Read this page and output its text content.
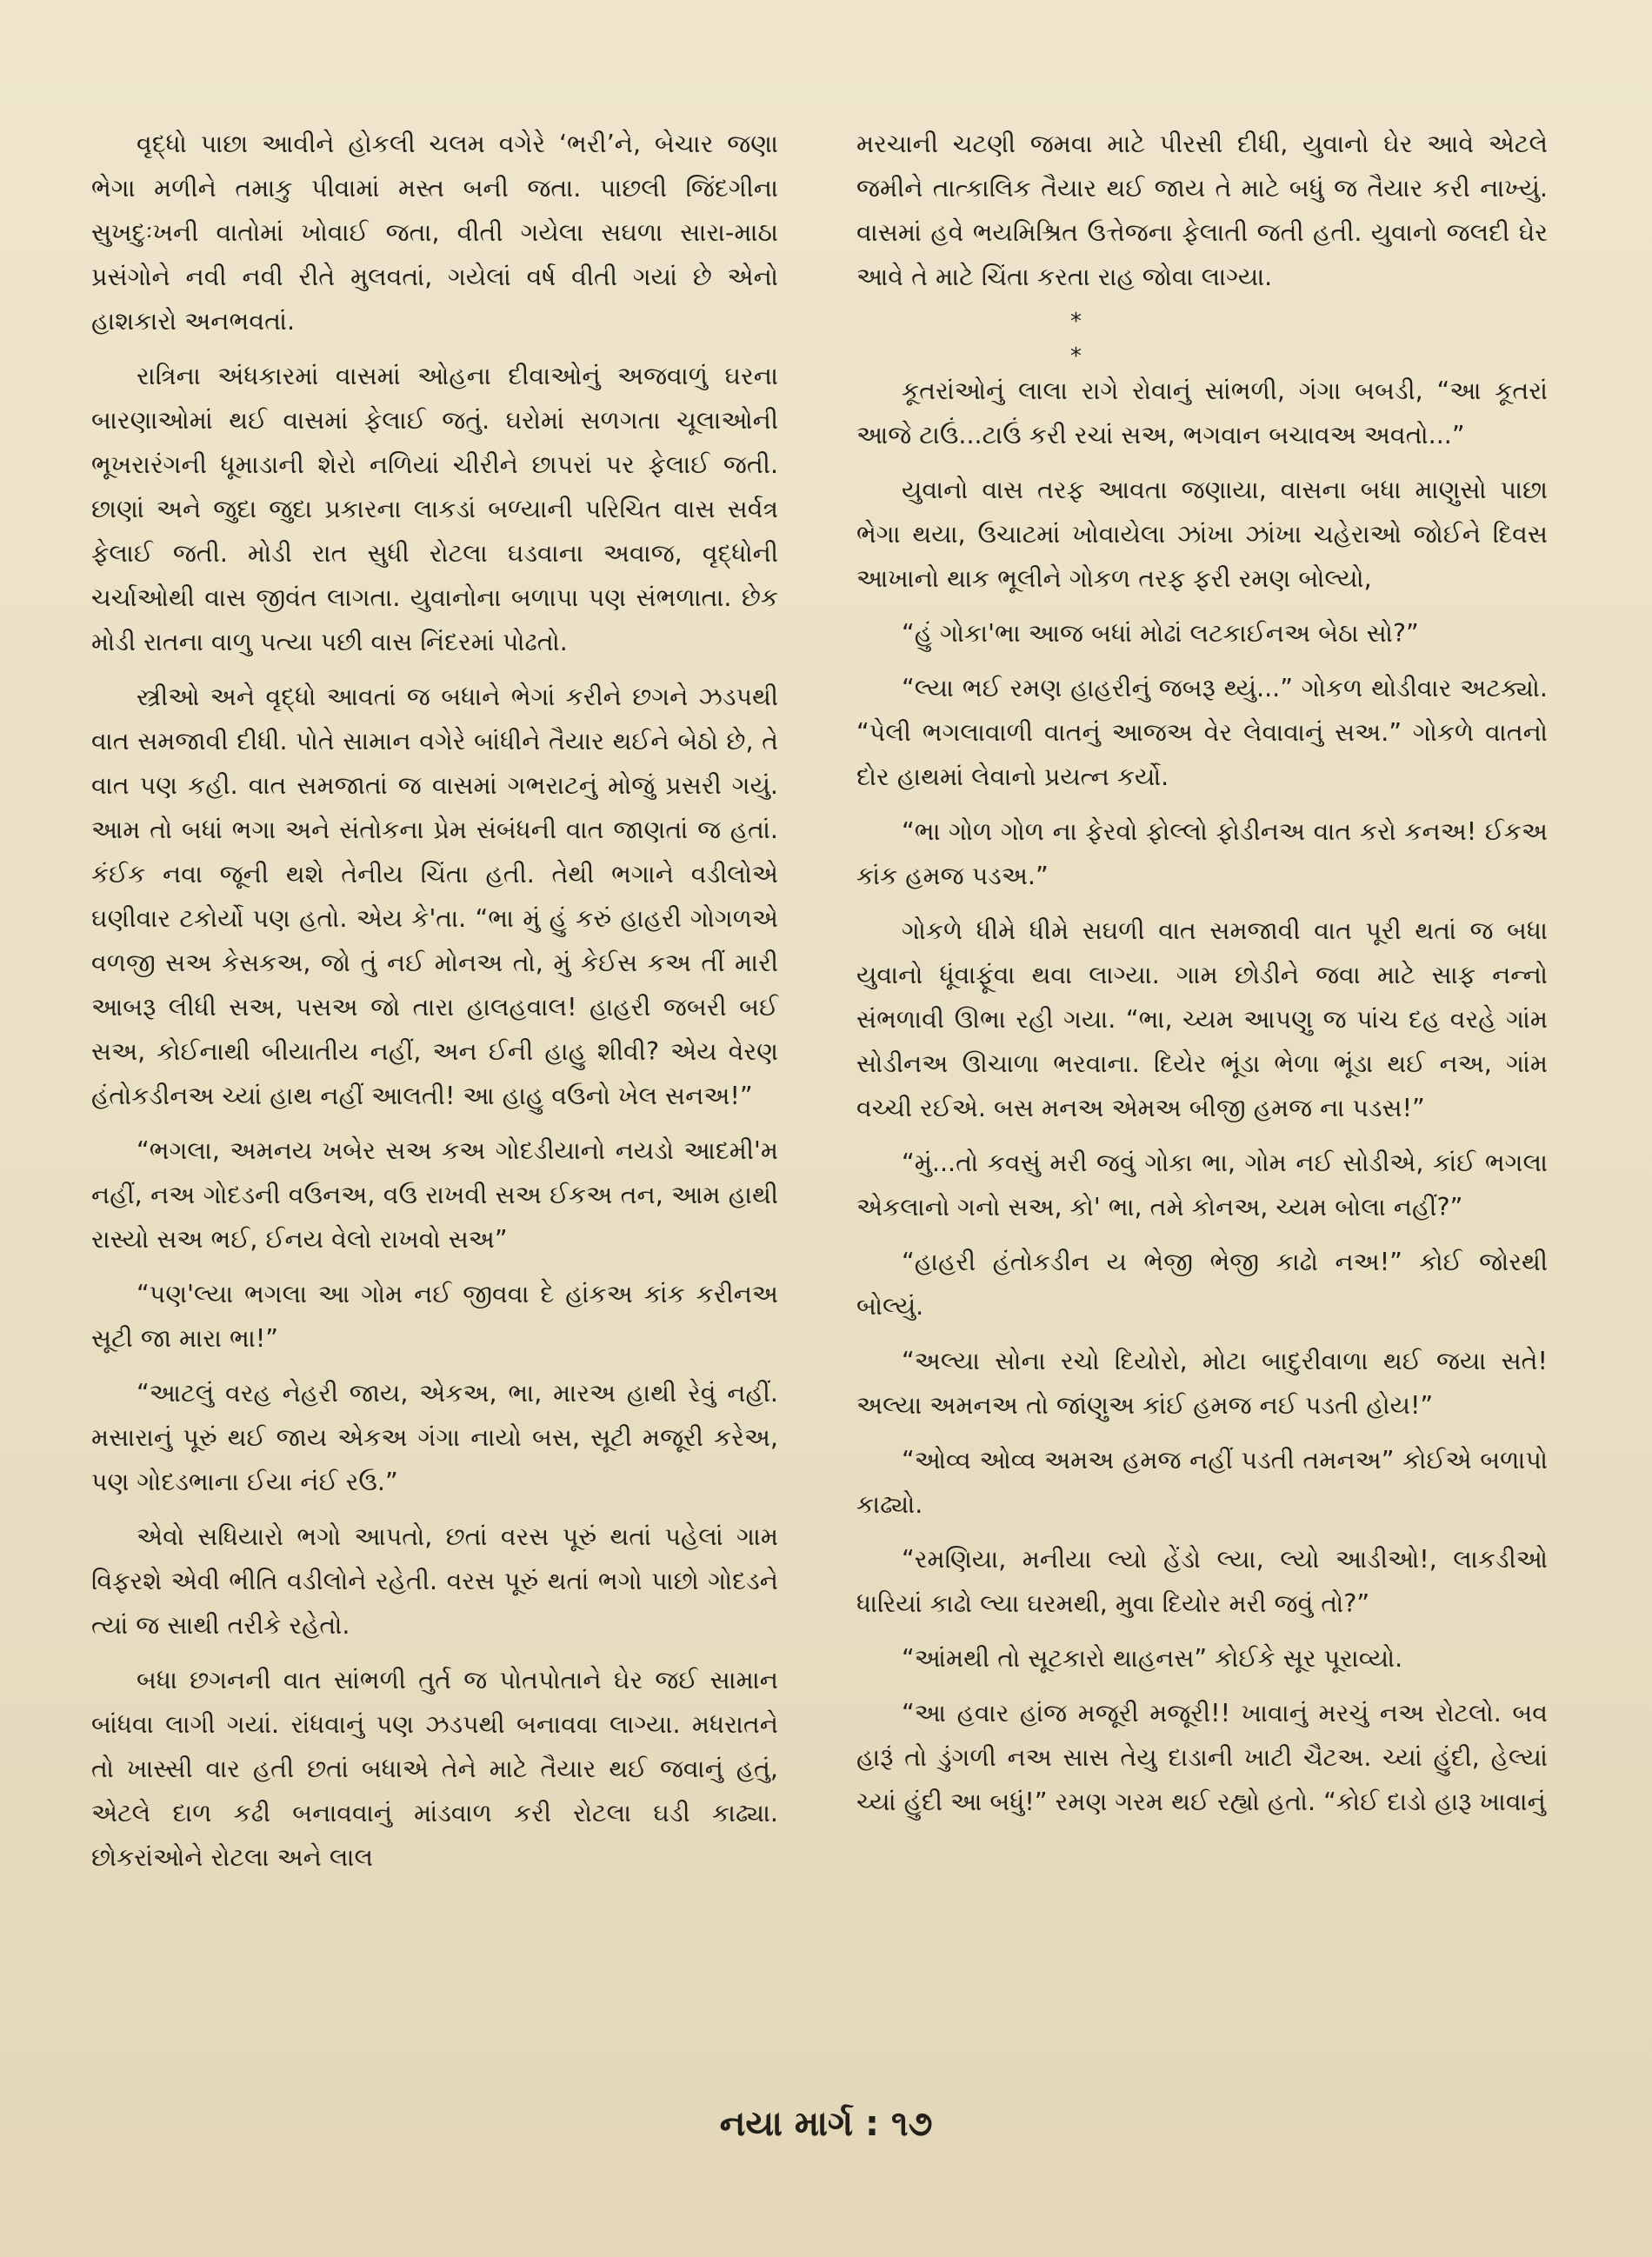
વૃદ્ધો પાછા આવીને હોકલી ચલમ વગેરે ‘ભરી’ને, બેચાર જણા ભેગા મળીને તમાકુ પીવામાં મસ્ત બની જતા. પાછલી જિંદગીના સુખદુઃખની વાતોમાં ખોવાઈ જતા, વીતી ગયેલા સઘળા સારા-માઠા પ્રસંગોને નવી નવી રીતે મુલવતાં, ગયેલાં વર્ષ વીતી ગયાં છે એનો હાશકારો અનભવતાં.

રાત્રિના અંધકારમાં વાસમાં ઓહના દીવાઓનું અજવાળું ઘરના બારણાઓમાં થઈ વાસમાં ફેલાઈ જતું. ઘરોમાં સળગતા ચૂલાઓની ભૂખરારંગની ધૂમાડાની શેરો નળિયાં ચીરીને છાપરાં પર ફેલાઈ જતી. છાણાં અને જુદા જુદા પ્રકારના લાકડાં બળ્યાની પરિચિત વાસ સર્વત્ર ફેલાઈ જતી. મોડી રાત સુધી રોટલા ઘડવાના અવાજ, વૃદ્ધોની ચર્ચાઓથી વાસ જીવંત લાગતા. યુવાનોના બળાપા પણ સંભળાતા. છેક મોડી રાતના વાળુ પત્યા પછી વાસ નિંદરમાં પોઢતો.

સ્ત્રીઓ અને વૃદ્ધો આવતાં જ બધાને ભેગાં કરીને છગને ઝડપથી વાત સમજાવી દીધી. પોતે સામાન વગેરે બાંધીને તૈયાર થઈને બેઠો છે, તે વાત પણ કહી. વાત સમજાતાં જ વાસમાં ગભરાટનું મોજું પ્રસરી ગયું. આમ તો બધાં ભગા અને સંતોકના પ્રેમ સંબંધની વાત જાણતાં જ હતાં. કંઈક નવા જૂની થશે તેનીય ચિંતા હતી. તેથી ભગાને વડીલોએ ઘણીવાર ટકોર્યો પણ હતો. એય કે'તા. “ભા મું હું કરું હાહરી ગોગળએ વળજી સઅ કેસકઅ, જો તું નઈ મોનઅ તો, મું કેઈસ કઅ તીં મારી આબરૂ લીધી સઅ, પસઅ જો તારા હાલહવાલ! હાહરી જબરી બઈ સઅ, કોઈનાથી બીયાતીય નહીં, અન ઈની હાહુ શીવી? એય વેરણ હંતોકડીનઅ ચ્યાં હાથ નહીં આલતી! આ હાહુ વઉનો ખેલ સનઅ!”

“ભગલા, અમનય ખબેર સઅ કઅ ગોદડીયાનો નયડો આદમી'મ નહીં, નઅ ગોદડની વઉનઅ, વઉ રાખવી સઅ ઈકઅ તન, આમ હાથી રાસ્યો સઅ ભઈ, ઈનય વેલો રાખવો સઅ”

“પણ'લ્યા ભગલા આ ગોમ નઈ જીવવા દે હાંકઅ કાંક કરીનઅ સૂટી જા મારા ભા!”

“આટલું વરહ નેહરી જાય, એકઅ, ભા, મારઅ હાથી રેવું નહીં. મસારાનું પૂરું થઈ જાય એકઅ ગંગા નાયો બસ, સૂટી મજૂરી કરેઅ, પણ ગોદડભાના ઈયા નંઈ રઉ.”

એવો સધિયારો ભગો આપતો, છતાં વરસ પૂરું થતાં પહેલાં ગામ વિફરશે એવી ભીતિ વડીલોને રહેતી. વરસ પૂરું થતાં ભગો પાછો ગોદડને ત્યાં જ સાથી તરીકે રહેતો.

બધા છગનની વાત સાંભળી તુર્ત જ પોતપોતાને ઘેર જઈ સામાન બાંધવા લાગી ગયાં. રાંધવાનું પણ ઝડપથી બનાવવા લાગ્યા. મધરાતને તો ખાસ્સી વાર હતી છતાં બધાએ તેને માટે તૈયાર થઈ જવાનું હતું, એટલે દાળ કઢી બનાવવાનું માંડવાળ કરી રોટલા ઘડી કાઢ્યા. છોકરાંઓને રોટલા અને લાલ

મરચાની ચટણી જમવા માટે પીરસી દીધી, યુવાનો ઘેર આવે એટલે જમીને તાત્કાલિક તૈયાર થઈ જાય તે માટે બધું જ તૈયાર કરી નાખ્યું. વાસમાં હવે ભયમિશ્રિત ઉત્તેજના ફેલાતી જતી હતી. યુવાનો જલદી ઘેર આવે તે માટે ચિંતા કરતા રાહ જોવા લાગ્યા.

* *

કૂતરાંઓનું લાલા રાગે રોવાનું સાંભળી, ગંગા બબડી, “આ કૂતરાં આજે ટાઉં...ટાઉં કરી રચાં સઅ, ભગવાન બચાવઅ અવતો...”

યુવાનો વાસ તરફ આવતા જણાયા, વાસના બધા માણુસો પાછા ભેગા થયા, ઉચાટમાં ખોવાયેલા ઝાંખા ઝાંખા ચહેરાઓ જોઈને દિવસ આખાનો થાક ભૂલીને ગોકળ તરફ ફરી રમણ બોલ્યો,

“હું ગોકા'ભા આજ બધાં મોઢાં લટકાઈનઅ બેઠા સો?”

“લ્યા ભઈ રમણ હાહરીનું જબરૂ થ્યું...” ગોકળ થોડીવાર અટક્યો. “પેલી ભગલાવાળી વાતનું આજઅ વેર લેવાવાનું સઅ.” ગોકળે વાતનો દોર હાથમાં લેવાનો પ્રયત્ન કર્યો.

“ભા ગોળ ગોળ ના ફેરવો ફોલ્લો ફોડીનઅ વાત કરો કનઅ! ઈકઅ કાંક હમજ પડઅ.”

ગોકળે ધીમે ધીમે સઘળી વાત સમજાવી વાત પૂરી થતાં જ બધા યુવાનો ધૂંવાફૂંવા થવા લાગ્યા. ગામ છોડીને જવા માટે સાફ નન્નો સંભળાવી ઊભા રહી ગયા. “ભા, ચ્યમ આપણુ જ પાંચ દહ વરહે ગાંમ સોડીનઅ ઊચાળા ભરવાના. દિયેર ભૂંડા ભેળા ભૂંડા થઈ નઅ, ગાંમ વચ્ચી રઈએ. બસ મનઅ એમઅ બીજી હમજ ના પડસ!”

“મું...તો કવસું મરી જવું ગોકા ભા, ગોમ નઈ સોડીએ, કાંઈ ભગલા એકલાનો ગનો સઅ, કો' ભા, તમે કોનઅ, ચ્યમ બોલા નહીં?”

“હાહરી હંતોકડીન ય ભેજી ભેજી કાઢો નઅ!” કોઈ જોરથી બોલ્યું.

“અલ્યા સોના રચો દિયોરો, મોટા બાદુરીવાળા થઈ જયા સતે! અલ્યા અમનઅ તો જાંણુઅ કાંઈ હમજ નઈ પડતી હોય!”

“ઓવ્વ ઓવ્વ અમઅ હમજ નહીં પડતી તમનઅ” કોઈએ બળાપો કાઢ્યો.

“રમણિયા, મનીયા લ્યો હેંડો લ્યા, લ્યો આડીઓ!, લાકડીઓ ધારિયાં કાઢો લ્યા ઘરમથી, મુવા દિયોર મરી જવું તો?”

“આંમથી તો સૂટકારો થાહનસ” કોઈકે સૂર પૂરાવ્યો.

“આ હવાર હાંજ મજૂરી મજૂરી!! ખાવાનું મરચું નઅ રોટલો. બવ હારૂં તો ડુંગળી નઅ સાસ તેયુ દાડાની ખાટી ચૈટઅ. ચ્યાં હુંદી, હેલ્યાં ચ્યાં હુંદી આ બધું!” રમણ ગરમ થઈ રહ્યો હતો. “કોઈ દાડો હારૂ ખાવાનું

નયા માર્ગ : ૧૭
